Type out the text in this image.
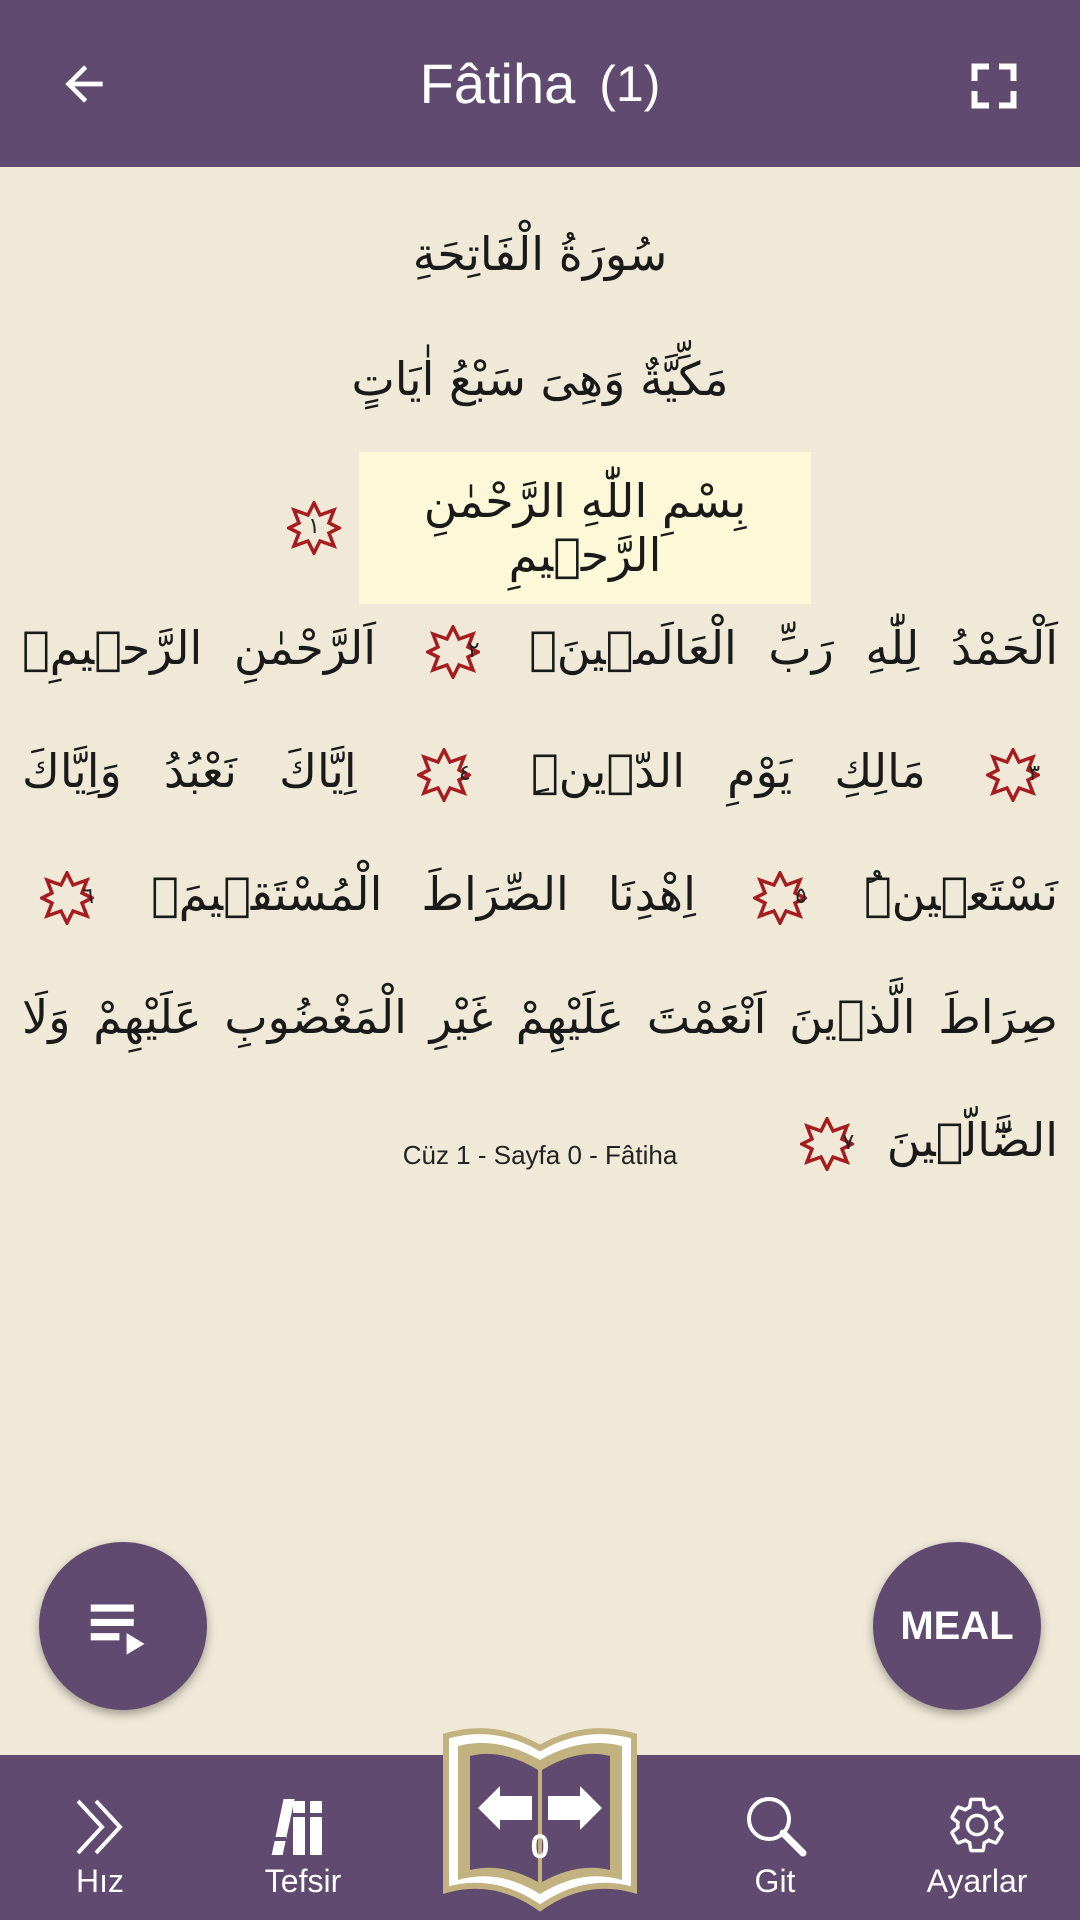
Fâtiha (1)
سُورَةُ الْفَاتِحَةِ
مَكِّيَّةٌ وَهِىَ سَبْعُ اٰيَاتٍ
بِسْمِ اللّٰهِ الرَّحْمٰنِ الرَّح۪يمِ
١
اَلْحَمْدُ لِلّٰهِ رَبِّ الْعَالَم۪ينَۙ
٢
اَلرَّحْمٰنِ الرَّح۪يمِۙ
٣
مَالِكِ يَوْمِ الدّ۪ينِۜ
٤
اِيَّاكَ نَعْبُدُ وَاِيَّاكَ نَسْتَع۪ينُۜ
٥
اِهْدِنَا الصِّرَاطَ الْمُسْتَق۪يمَۙ
٦
صِرَاطَ الَّذ۪ينَ اَنْعَمْتَ عَلَيْهِمْ غَيْرِ الْمَغْضُوبِ عَلَيْهِمْ وَلَا الضَّٓالّ۪ينَ
٧
Cüz 1 - Sayfa 0 - Fâtiha
MEAL
Hız	Tefsir	Git	Ayarlar
0
